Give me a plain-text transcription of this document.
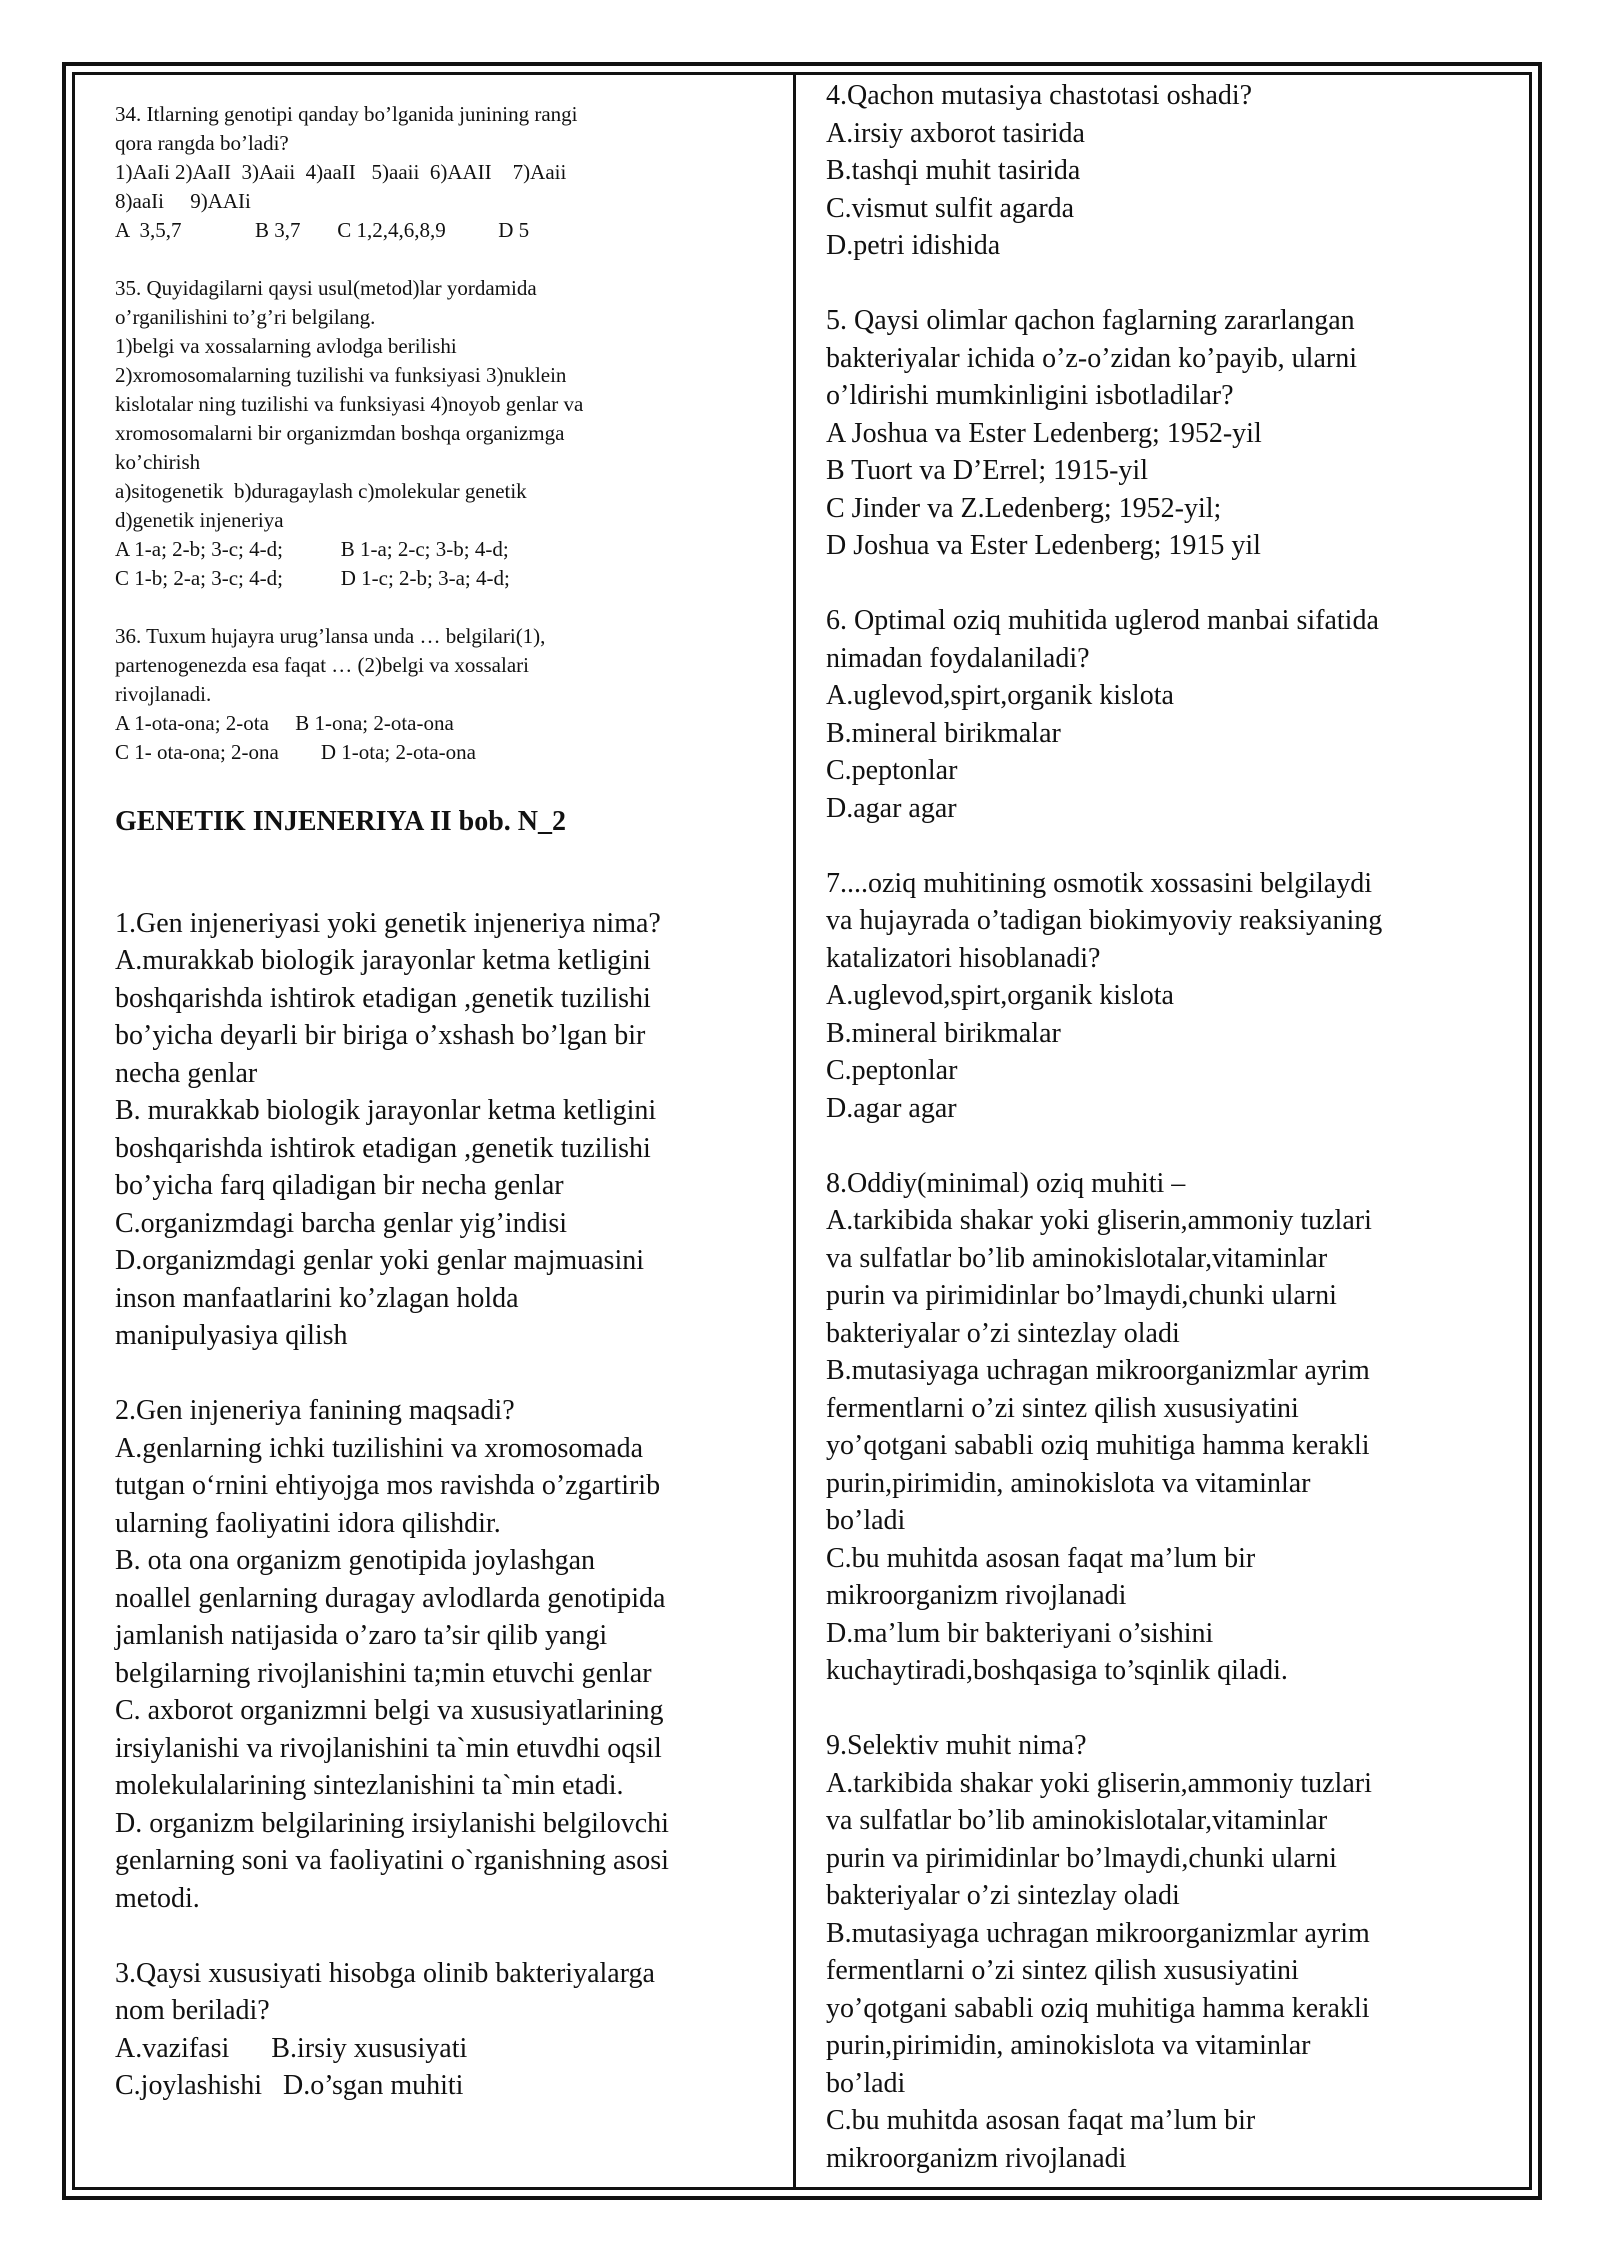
34. Itlarning genotipi qanday bo’lganida junining rangi
qora rangda bo’ladi?
1)AaIi 2)AaII  3)Aaii  4)aaII   5)aaii  6)AAII    7)Aaii
8)aaIi     9)AAIi
A  3,5,7              B 3,7       C 1,2,4,6,8,9          D 5
35. Quyidagilarni qaysi usul(metod)lar yordamida
o’rganilishini to’g’ri belgilang.
1)belgi va xossalarning avlodga berilishi
2)xromosomalarning tuzilishi va funksiyasi 3)nuklein
kislotalar ning tuzilishi va funksiyasi 4)noyob genlar va
xromosomalarni bir organizmdan boshqa organizmga
ko’chirish
a)sitogenetik  b)duragaylash c)molekular genetik
d)genetik injeneriya
A 1-a; 2-b; 3-c; 4-d;           B 1-a; 2-c; 3-b; 4-d;
C 1-b; 2-a; 3-c; 4-d;           D 1-c; 2-b; 3-a; 4-d;
36. Tuxum hujayra urug’lansa unda … belgilari(1),
partenogenezda esa faqat … (2)belgi va xossalari
rivojlanadi.
A 1-ota-ona; 2-ota     B 1-ona; 2-ota-ona
C 1- ota-ona; 2-ona        D 1-ota; 2-ota-ona
GENETIK INJENERIYA II bob. N_2
1.Gen injeneriyasi yoki genetik injeneriya nima?
A.murakkab biologik jarayonlar ketma ketligini
boshqarishda ishtirok etadigan ,genetik tuzilishi
bo’yicha deyarli bir biriga o’xshash bo’lgan bir
necha genlar
B. murakkab biologik jarayonlar ketma ketligini
boshqarishda ishtirok etadigan ,genetik tuzilishi
bo’yicha farq qiladigan bir necha genlar
C.organizmdagi barcha genlar yig’indisi
D.organizmdagi genlar yoki genlar majmuasini
inson manfaatlarini ko’zlagan holda
manipulyasiya qilish
2.Gen injeneriya fanining maqsadi?
A.genlarning ichki tuzilishini va xromosomada
tutgan o‘rnini ehtiyojga mos ravishda o’zgartirib
ularning faoliyatini idora qilishdir.
B. ota ona organizm genotipida joylashgan
noallel genlarning duragay avlodlarda genotipida
jamlanish natijasida o’zaro ta’sir qilib yangi
belgilarning rivojlanishini ta;min etuvchi genlar
C. axborot organizmni belgi va xususiyatlarining
irsiylanishi va rivojlanishini ta`min etuvdhi oqsil
molekulalarining sintezlanishini ta`min etadi.
D. organizm belgilarining irsiylanishi belgilovchi
genlarning soni va faoliyatini o`rganishning asosi
metodi.
3.Qaysi xususiyati hisobga olinib bakteriyalarga
nom beriladi?
A.vazifasi      B.irsiy xususiyati
C.joylashishi   D.o’sgan muhiti
4.Qachon mutasiya chastotasi oshadi?
A.irsiy axborot tasirida
B.tashqi muhit tasirida
C.vismut sulfit agarda
D.petri idishida
5. Qaysi olimlar qachon faglarning zararlangan
bakteriyalar ichida o’z-o’zidan ko’payib, ularni
o’ldirishi mumkinligini isbotladilar?
A Joshua va Ester Ledenberg; 1952-yil
B Tuort va D’Errel; 1915-yil
C Jinder va Z.Ledenberg; 1952-yil;
D Joshua va Ester Ledenberg; 1915 yil
6. Optimal oziq muhitida uglerod manbai sifatida
nimadan foydalaniladi?
A.uglevod,spirt,organik kislota
B.mineral birikmalar
C.peptonlar
D.agar agar
7....oziq muhitining osmotik xossasini belgilaydi
va hujayrada o’tadigan biokimyoviy reaksiyaning
katalizatori hisoblanadi?
A.uglevod,spirt,organik kislota
B.mineral birikmalar
C.peptonlar
D.agar agar
8.Oddiy(minimal) oziq muhiti –
A.tarkibida shakar yoki gliserin,ammoniy tuzlari
va sulfatlar bo’lib aminokislotalar,vitaminlar
purin va pirimidinlar bo’lmaydi,chunki ularni
bakteriyalar o’zi sintezlay oladi
B.mutasiyaga uchragan mikroorganizmlar ayrim
fermentlarni o’zi sintez qilish xususiyatini
yo’qotgani sababli oziq muhitiga hamma kerakli
purin,pirimidin, aminokislota va vitaminlar
bo’ladi
C.bu muhitda asosan faqat ma’lum bir
mikroorganizm rivojlanadi
D.ma’lum bir bakteriyani o’sishini
kuchaytiradi,boshqasiga to’sqinlik qiladi.
9.Selektiv muhit nima?
A.tarkibida shakar yoki gliserin,ammoniy tuzlari
va sulfatlar bo’lib aminokislotalar,vitaminlar
purin va pirimidinlar bo’lmaydi,chunki ularni
bakteriyalar o’zi sintezlay oladi
B.mutasiyaga uchragan mikroorganizmlar ayrim
fermentlarni o’zi sintez qilish xususiyatini
yo’qotgani sababli oziq muhitiga hamma kerakli
purin,pirimidin, aminokislota va vitaminlar
bo’ladi
C.bu muhitda asosan faqat ma’lum bir
mikroorganizm rivojlanadi
